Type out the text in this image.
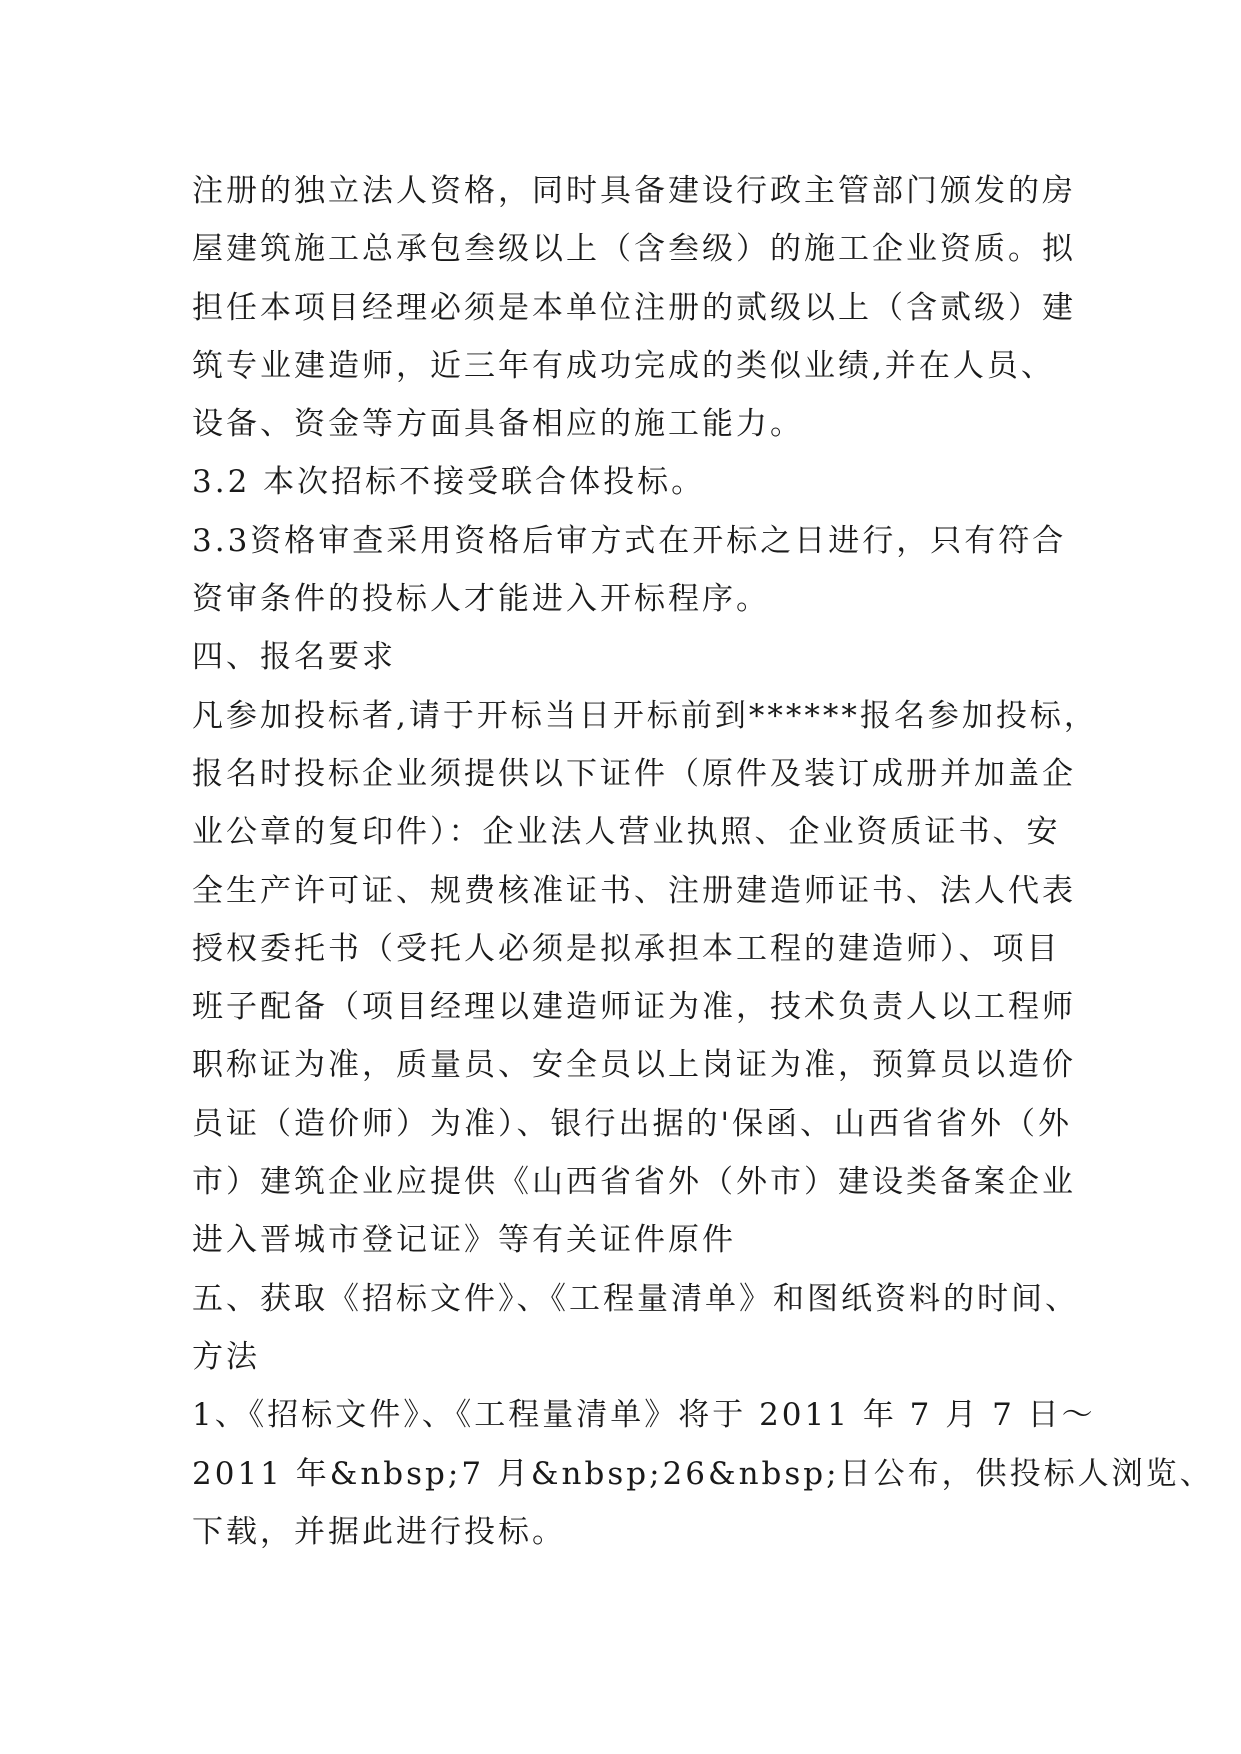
注册的独立法人资格，同时具备建设行政主管部门颁发的房
屋建筑施工总承包叁级以上（含叁级）的施工企业资质。拟
担任本项目经理必须是本单位注册的贰级以上（含贰级）建
筑专业建造师，近三年有成功完成的类似业绩,并在人员、
设备、资金等方面具备相应的施工能力。
3.2 本次招标不接受联合体投标。
3.3资格审查采用资格后审方式在开标之日进行，只有符合
资审条件的投标人才能进入开标程序。
四、报名要求
凡参加投标者,请于开标当日开标前到******报名参加投标，
报名时投标企业须提供以下证件（原件及装订成册并加盖企
业公章的复印件）：企业法人营业执照、企业资质证书、安
全生产许可证、规费核准证书、注册建造师证书、法人代表
授权委托书（受托人必须是拟承担本工程的建造师）、项目
班子配备（项目经理以建造师证为准，技术负责人以工程师
职称证为准，质量员、安全员以上岗证为准，预算员以造价
员证（造价师）为准）、银行出据的'保函、山西省省外（外
市）建筑企业应提供《山西省省外（外市）建设类备案企业
进入晋城市登记证》等有关证件原件
五、获取《招标文件》、《工程量清单》和图纸资料的时间、
方法
1、《招标文件》、《工程量清单》将于 2011 年 7 月 7 日～
2011 年&nbsp;7 月&nbsp;26&nbsp;日公布，供投标人浏览、
下载，并据此进行投标。
